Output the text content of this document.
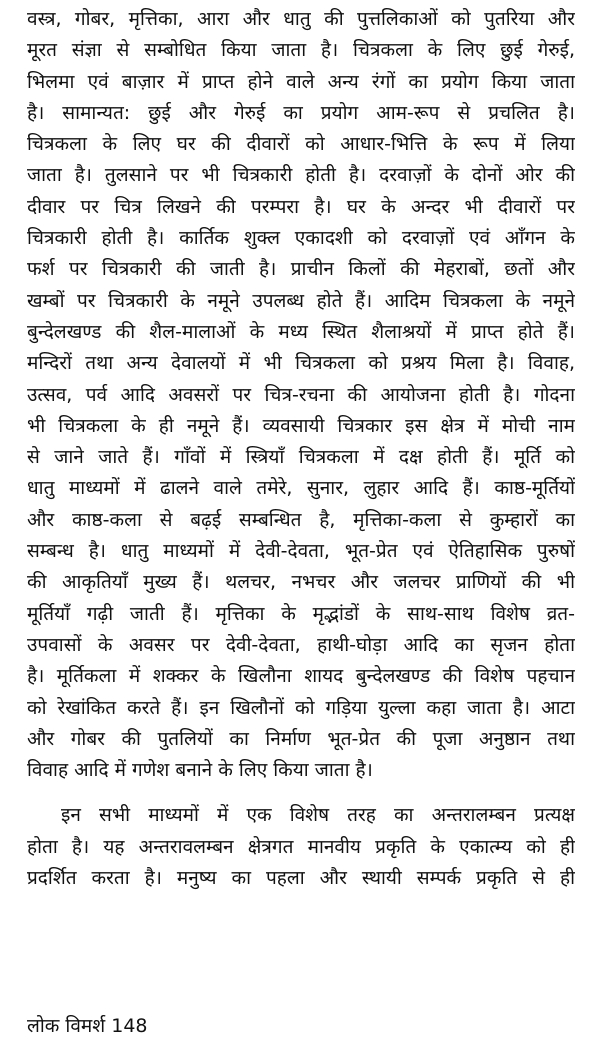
वस्त्र, गोबर, मृत्तिका, आरा और धातु की पुत्तलिकाओं को पुतरिया और
मूरत संज्ञा से सम्बोधित किया जाता है। चित्रकला के लिए छुई गेरुई,
भिलमा एवं बाज़ार में प्राप्त होने वाले अन्य रंगों का प्रयोग किया जाता
है। सामान्यत: छुई और गेरुई का प्रयोग आम-रूप से प्रचलित है।
चित्रकला के लिए घर की दीवारों को आधार-भित्ति के रूप में लिया
जाता है। तुलसाने पर भी चित्रकारी होती है। दरवाज़ों के दोनों ओर की
दीवार पर चित्र लिखने की परम्परा है। घर के अन्दर भी दीवारों पर
चित्रकारी होती है। कार्तिक शुक्ल एकादशी को दरवाज़ों एवं आँगन के
फर्श पर चित्रकारी की जाती है। प्राचीन किलों की मेहराबों, छतों और
खम्बों पर चित्रकारी के नमूने उपलब्ध होते हैं। आदिम चित्रकला के नमूने
बुन्देलखण्ड की शैल-मालाओं के मध्य स्थित शैलाश्रयों में प्राप्त होते हैं।
मन्दिरों तथा अन्य देवालयों में भी चित्रकला को प्रश्रय मिला है। विवाह,
उत्सव, पर्व आदि अवसरों पर चित्र-रचना की आयोजना होती है। गोदना
भी चित्रकला के ही नमूने हैं। व्यवसायी चित्रकार इस क्षेत्र में मोची नाम
से जाने जाते हैं। गाँवों में स्त्रियाँ चित्रकला में दक्ष होती हैं। मूर्ति को
धातु माध्यमों में ढालने वाले तमेरे, सुनार, लुहार आदि हैं। काष्ठ-मूर्तियों
और काष्ठ-कला से बढ़ई सम्बन्धित है, मृत्तिका-कला से कुम्हारों का
सम्बन्ध है। धातु माध्यमों में देवी-देवता, भूत-प्रेत एवं ऐतिहासिक पुरुषों
की आकृतियाँ मुख्य हैं। थलचर, नभचर और जलचर प्राणियों की भी
मूर्तियाँ गढ़ी जाती हैं। मृत्तिका के मृद्भांडों के साथ-साथ विशेष व्रत-
उपवासों के अवसर पर देवी-देवता, हाथी-घोड़ा आदि का सृजन होता
है। मूर्तिकला में शक्कर के खिलौना शायद बुन्देलखण्ड की विशेष पहचान
को रेखांकित करते हैं। इन खिलौनों को गड़िया युल्ला कहा जाता है। आटा
और गोबर की पुतलियों का निर्माण भूत-प्रेत की पूजा अनुष्ठान तथा
विवाह आदि में गणेश बनाने के लिए किया जाता है।
इन सभी माध्यमों में एक विशेष तरह का अन्तरालम्बन प्रत्यक्ष
होता है। यह अन्तरावलम्बन क्षेत्रगत मानवीय प्रकृति के एकात्म्य को ही
प्रदर्शित करता है। मनुष्य का पहला और स्थायी सम्पर्क प्रकृति से ही
लोक विमर्श 148
